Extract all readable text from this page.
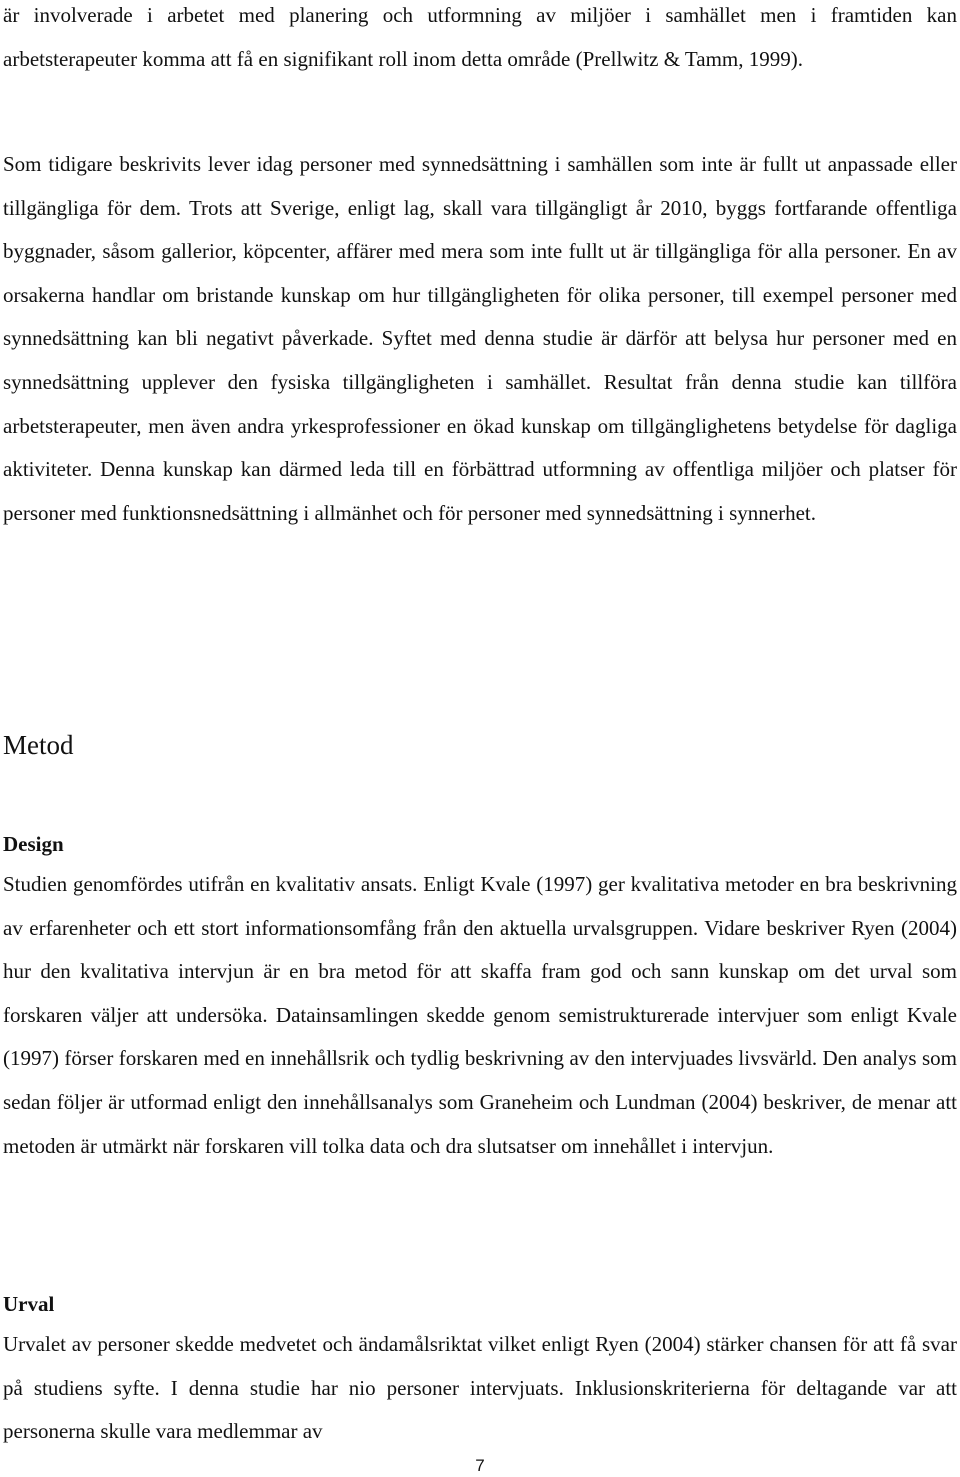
är involverade i arbetet med planering och utformning av miljöer i samhället men i framtiden kan arbetsterapeuter komma att få en signifikant roll inom detta område (Prellwitz & Tamm, 1999).

Som tidigare beskrivits lever idag personer med synnedsättning i samhällen som inte är fullt ut anpassade eller tillgängliga för dem. Trots att Sverige, enligt lag, skall vara tillgängligt år 2010, byggs fortfarande offentliga byggnader, såsom gallerior, köpcenter, affärer med mera som inte fullt ut är tillgängliga för alla personer. En av orsakerna handlar om bristande kunskap om hur tillgängligheten för olika personer, till exempel personer med synnedsättning kan bli negativt påverkade. Syftet med denna studie är därför att belysa hur personer med en synnedsättning upplever den fysiska tillgängligheten i samhället. Resultat från denna studie kan tillföra arbetsterapeuter, men även andra yrkesprofessioner en ökad kunskap om tillgänglighetens betydelse för dagliga aktiviteter. Denna kunskap kan därmed leda till en förbättrad utformning av offentliga miljöer och platser för personer med funktionsnedsättning i allmänhet och för personer med synnedsättning i synnerhet.

Metod
Design

Studien genomfördes utifrån en kvalitativ ansats. Enligt Kvale (1997) ger kvalitativa metoder en bra beskrivning av erfarenheter och ett stort informationsomfång från den aktuella urvalsgruppen. Vidare beskriver Ryen (2004) hur den kvalitativa intervjun är en bra metod för att skaffa fram god och sann kunskap om det urval som forskaren väljer att undersöka. Datainsamlingen skedde genom semistrukturerade intervjuer som enligt Kvale (1997) förser forskaren med en innehållsrik och tydlig beskrivning av den intervjuades livsvärld. Den analys som sedan följer är utformad enligt den innehållsanalys som Graneheim och Lundman (2004) beskriver, de menar att metoden är utmärkt när forskaren vill tolka data och dra slutsatser om innehållet i intervjun.

Urval

Urvalet av personer skedde medvetet och ändamålsriktat vilket enligt Ryen (2004) stärker chansen för att få svar på studiens syfte. I denna studie har nio personer intervjuats. Inklusionskriterierna för deltagande var att personerna skulle vara medlemmar av

7
